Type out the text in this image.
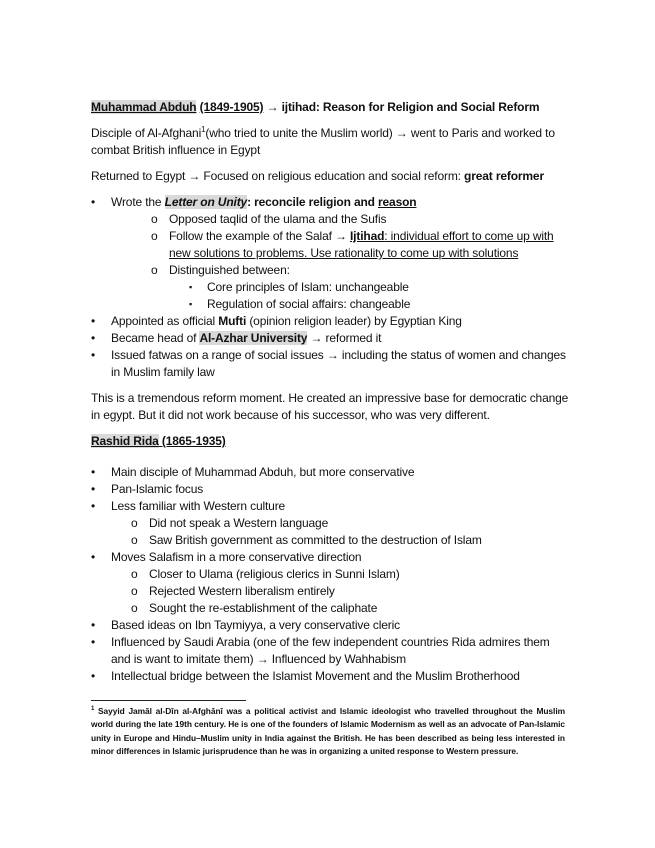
Muhammad Abduh (1849-1905) → ijtihad: Reason for Religion and Social Reform

Disciple of Al-Afghani$^1$(who tried to unite the Muslim world) → went to Paris and worked to combat British influence in Egypt

Returned to Egypt → Focused on religious education and social reform: great reformer

• Wrote the Letter on Unity: reconcile religion and reason
o Opposed taqlid of the ulama and the Sufis
o Follow the example of the Salaf → Ijtihad: individual effort to come up with new solutions to problems. Use rationality to come up with solutions
o Distinguished between:
▪ Core principles of Islam: unchangeable
▪ Regulation of social affairs: changeable
• Appointed as official Mufti (opinion religion leader) by Egyptian King
• Became head of Al-Azhar University → reformed it
• Issued fatwas on a range of social issues → including the status of women and changes in Muslim family law

This is a tremendous reform moment. He created an impressive base for democratic change in egypt. But it did not work because of his successor, who was very different.

Rashid Rida (1865-1935)
• Main disciple of Muhammad Abduh, but more conservative
• Pan-Islamic focus
• Less familiar with Western culture
o Did not speak a Western language
o Saw British government as committed to the destruction of Islam
• Moves Salafism in a more conservative direction
o Closer to Ulama (religious clerics in Sunni Islam)
o Rejected Western liberalism entirely
o Sought the re-establishment of the caliphate
• Based ideas on Ibn Taymiyya, a very conservative cleric
• Influenced by Saudi Arabia (one of the few independent countries Rida admires them and is want to imitate them) → Influenced by Wahhabism
• Intellectual bridge between the Islamist Movement and the Muslim Brotherhood
$^1$ Sayyid Jamāl al-Dīn al-Afghānī was a political activist and Islamic ideologist who travelled throughout the Muslim world during the late 19th century. He is one of the founders of Islamic Modernism as well as an advocate of Pan-Islamic unity in Europe and Hindu–Muslim unity in India against the British. He has been described as being less interested in minor differences in Islamic jurisprudence than he was in organizing a united response to Western pressure.
